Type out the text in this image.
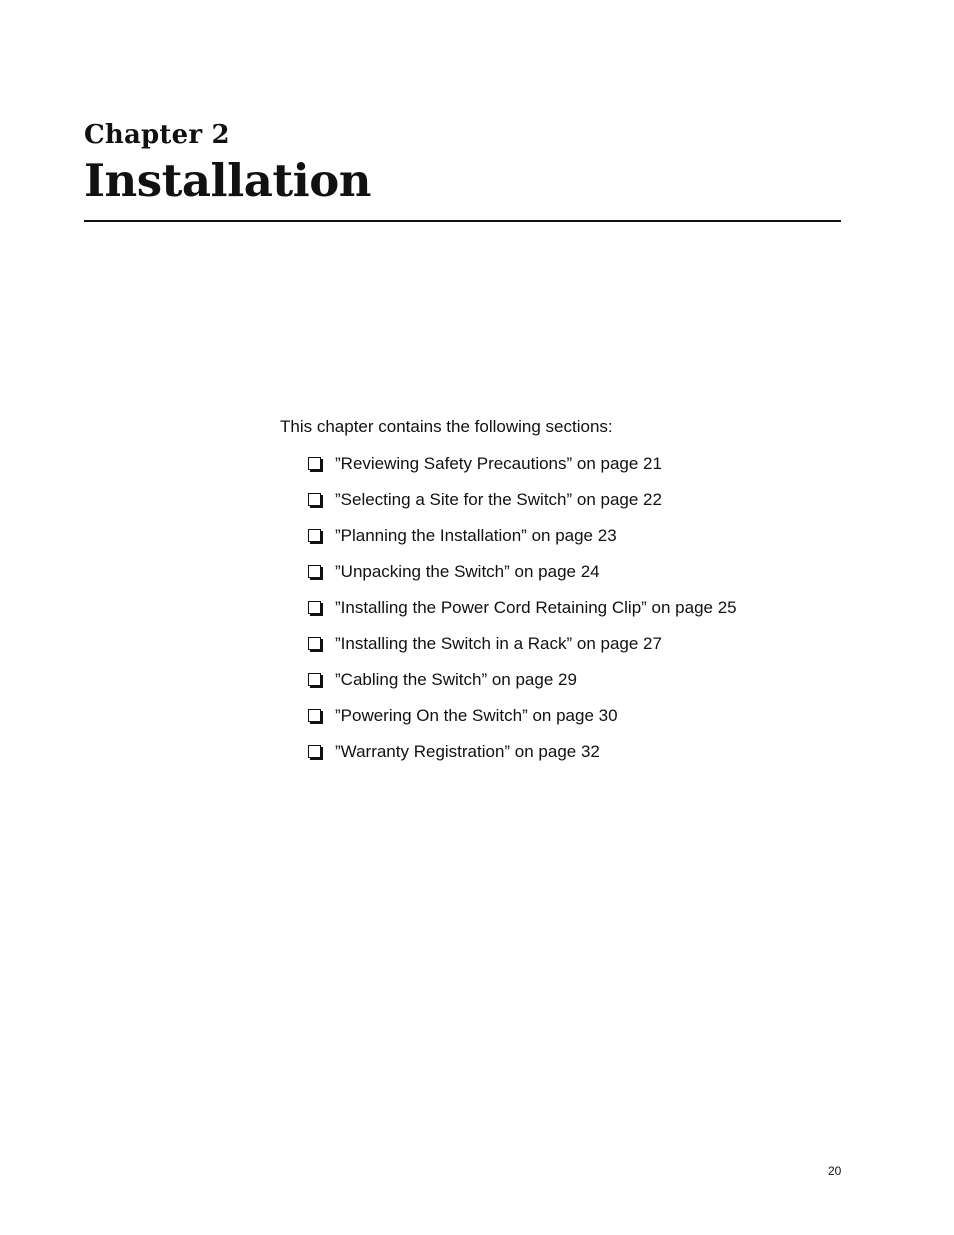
Chapter 2
Installation

This chapter contains the following sections:

”Reviewing Safety Precautions” on page 21
”Selecting a Site for the Switch” on page 22
”Planning the Installation” on page 23
”Unpacking the Switch” on page 24
”Installing the Power Cord Retaining Clip” on page 25
”Installing the Switch in a Rack” on page 27
”Cabling the Switch” on page 29
”Powering On the Switch” on page 30
”Warranty Registration” on page 32

20
